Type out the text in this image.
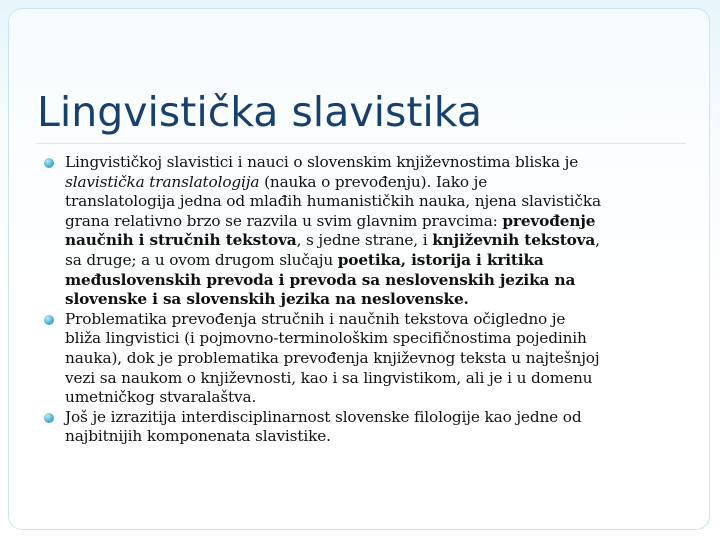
Lingvistička slavistika
Lingvističkoj slavistici i nauci o slovenskim književnostima bliska je
slavistička translatologija (nauka o prevođenju). Iako je
translatologija jedna od mlađih humanističkih nauka, njena slavistička
grana relativno brzo se razvila u svim glavnim pravcima: prevođenje
naučnih i stručnih tekstova, s jedne strane, i književnih tekstova,
sa druge; a u ovom drugom slučaju poetika, istorija i kritika
međuslovenskih prevoda i prevoda sa neslovenskih jezika na
slovenske i sa slovenskih jezika na neslovenske.
Problematika prevođenja stručnih i naučnih tekstova očigledno je
bliža lingvistici (i pojmovno-terminološkim specifičnostima pojedinih
nauka), dok je problematika prevođenja književnog teksta u najtešnjoj
vezi sa naukom o književnosti, kao i sa lingvistikom, ali je i u domenu
umetničkog stvaralaštva.
Još je izrazitija interdisciplinarnost slovenske filologije kao jedne od
najbitnijih komponenata slavistike.
